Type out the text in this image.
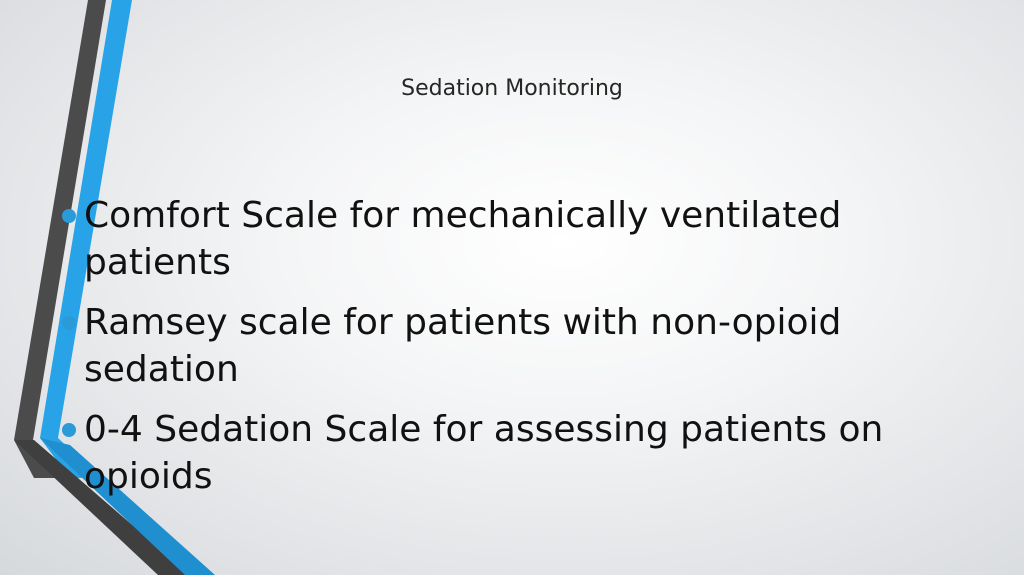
Sedation Monitoring
Comfort Scale for mechanically ventilated patients
Ramsey scale for patients with non-opioid sedation
0-4 Sedation Scale for assessing patients on opioids
